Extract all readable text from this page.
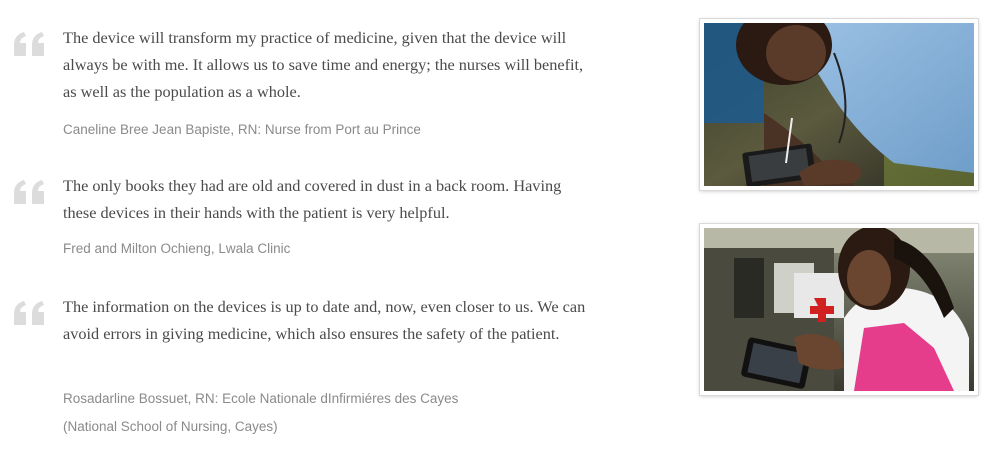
The device will transform my practice of medicine, given that the device will always be with me. It allows us to save time and energy; the nurses will benefit, as well as the population as a whole.

Caneline Bree Jean Bapiste, RN: Nurse from Port au Prince

The only books they had are old and covered in dust in a back room. Having these devices in their hands with the patient is very helpful.

Fred and Milton Ochieng, Lwala Clinic

The information on the devices is up to date and, now, even closer to us. We can avoid errors in giving medicine, which also ensures the safety of the patient.

Rosadarline Bossuet, RN: Ecole Nationale dInfirmiéres des Cayes
(National School of Nursing, Cayes)
